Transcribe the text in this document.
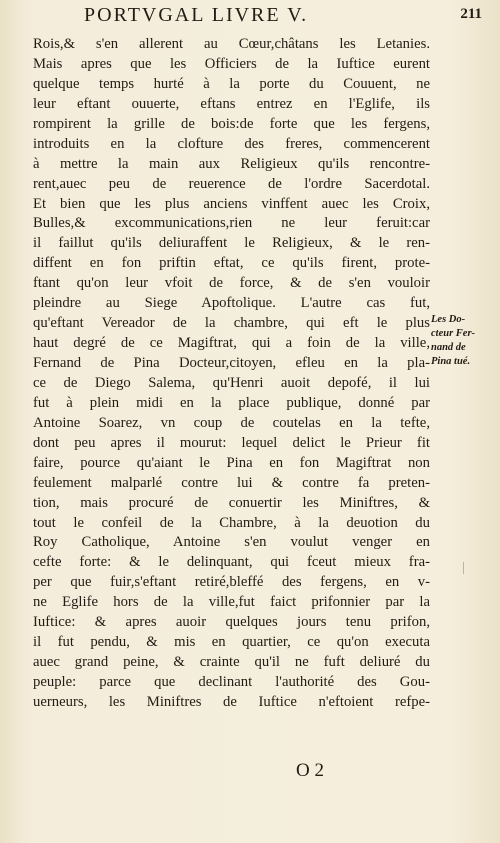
PORTVGAL LIVRE V.	211
Rois,& s'en allerent au Cœur,châtans les Letanies.
Mais apres que les Officiers de la Iuftice eurent
quelque temps hurté à la porte du Couuent, ne
leur eftant ouuerte, eftans entrez en l'Eglife, ils
rompirent la grille de bois:de forte que les fergens,
introduits en la clofture des freres, commencerent
à mettre la main aux Religieux qu'ils rencontre-
rent,auec peu de reuerence de l'ordre Sacerdotal.
Et bien que les plus anciens vinffent auec les Croix,
Bulles,& excommunications,rien ne leur feruit:car
il faillut qu'ils deliuraffent le Religieux, & le ren-
diffent en fon priftin eftat, ce qu'ils firent, prote-
ftant qu'on leur vfoit de force, & de s'en vouloir
pleindre au Siege Apoftolique. L'autre cas fut,
qu'eftant Vereador de la chambre, qui eft le plus
haut degré de ce Magiftrat, qui a foin de la ville,
Fernand de Pina Docteur,citoyen, efleu en la pla-
ce de Diego Salema, qu'Henri auoit depofé, il lui
fut à plein midi en la place publique, donné par
Antoine Soarez, vn coup de coutelas en la tefte,
dont peu apres il mourut: lequel delict le Prieur fit
faire, pource qu'aiant le Pina en fon Magiftrat non
feulement malparlé contre lui & contre fa preten-
tion, mais procuré de conuertir les Miniftres, &
tout le confeil de la Chambre, à la deuotion du
Roy Catholique, Antoine s'en voulut venger en
cefte forte: & le delinquant, qui fceut mieux fra-
per que fuir,s'eftant retiré,bleffé des fergens, en v-
ne Eglife hors de la ville,fut faict prifonnier par la
Iuftice: & apres auoir quelques jours tenu prifon,
il fut pendu, & mis en quartier, ce qu'on executa
auec grand peine, & crainte qu'il ne fuft deliuré du
peuple: parce que declinant l'authorité des Gou-
uerneurs, les Miniftres de Iuftice n'eftoient refpe-
Les Do-
cteur Fer-
nand de
Pina tué.
O 2
